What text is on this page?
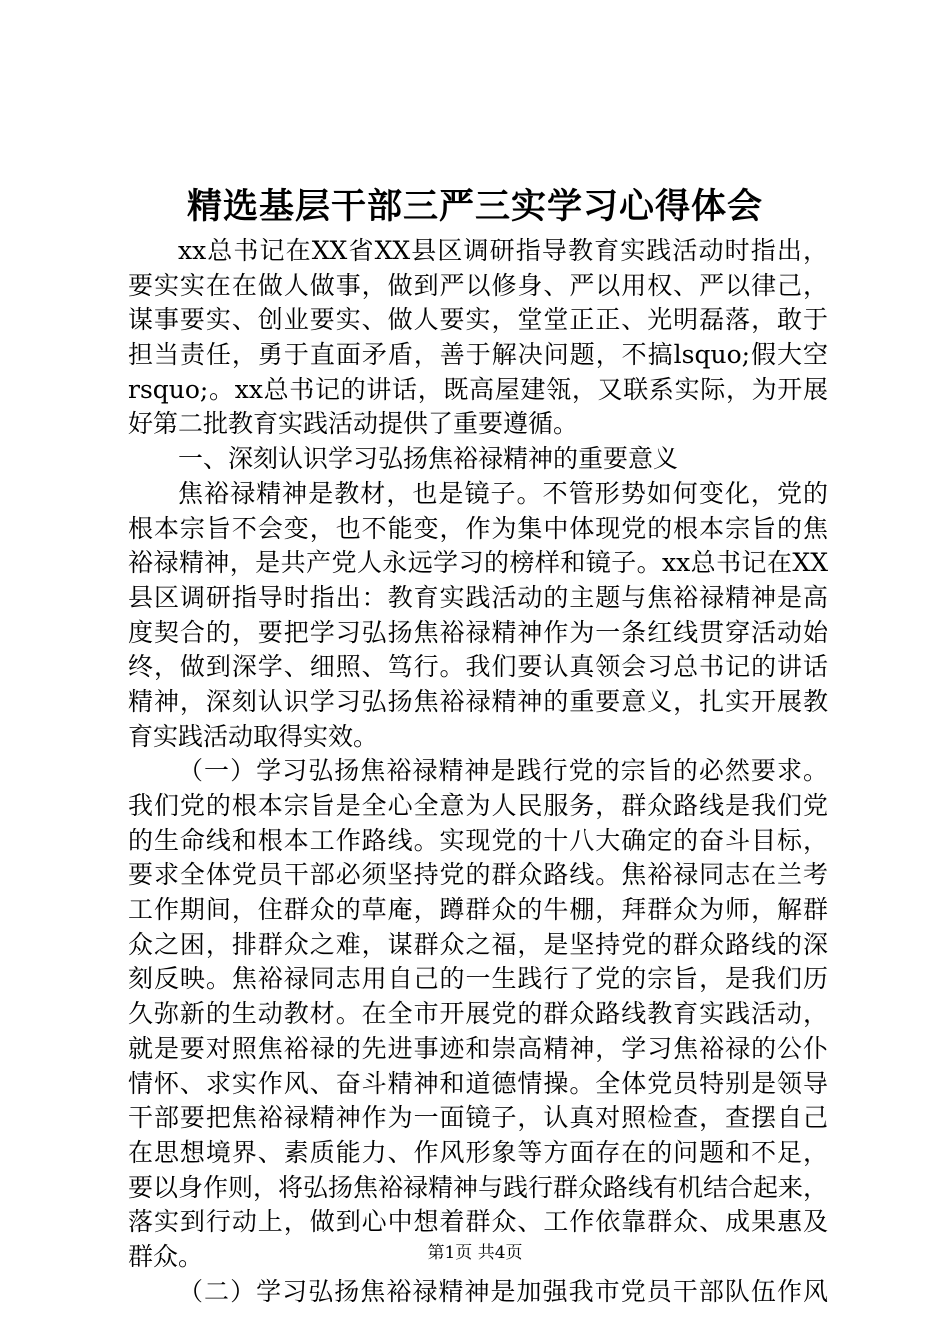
精选基层干部三严三实学习心得体会
xx总书记在XX省XX县区调研指导教育实践活动时指出，
要实实在在做人做事，做到严以修身、严以用权、严以律己，
谋事要实、创业要实、做人要实，堂堂正正、光明磊落，敢于
担当责任，勇于直面矛盾，善于解决问题，不搞lsquo;假大空
rsquo;。xx总书记的讲话，既高屋建瓴，又联系实际，为开展
好第二批教育实践活动提供了重要遵循。
一、深刻认识学习弘扬焦裕禄精神的重要意义
焦裕禄精神是教材，也是镜子。不管形势如何变化，党的
根本宗旨不会变，也不能变，作为集中体现党的根本宗旨的焦
裕禄精神，是共产党人永远学习的榜样和镜子。xx总书记在XX
县区调研指导时指出：教育实践活动的主题与焦裕禄精神是高
度契合的，要把学习弘扬焦裕禄精神作为一条红线贯穿活动始
终，做到深学、细照、笃行。我们要认真领会习总书记的讲话
精神，深刻认识学习弘扬焦裕禄精神的重要意义，扎实开展教
育实践活动取得实效。
（一）学习弘扬焦裕禄精神是践行党的宗旨的必然要求。
我们党的根本宗旨是全心全意为人民服务，群众路线是我们党
的生命线和根本工作路线。实现党的十八大确定的奋斗目标，
要求全体党员干部必须坚持党的群众路线。焦裕禄同志在兰考
工作期间，住群众的草庵，蹲群众的牛棚，拜群众为师，解群
众之困，排群众之难，谋群众之福，是坚持党的群众路线的深
刻反映。焦裕禄同志用自己的一生践行了党的宗旨，是我们历
久弥新的生动教材。在全市开展党的群众路线教育实践活动，
就是要对照焦裕禄的先进事迹和崇高精神，学习焦裕禄的公仆
情怀、求实作风、奋斗精神和道德情操。全体党员特别是领导
干部要把焦裕禄精神作为一面镜子，认真对照检查，查摆自己
在思想境界、素质能力、作风形象等方面存在的问题和不足，
要以身作则，将弘扬焦裕禄精神与践行群众路线有机结合起来，
落实到行动上，做到心中想着群众、工作依靠群众、成果惠及
群众。
（二）学习弘扬焦裕禄精神是加强我市党员干部队伍作风
第1页 共4页
